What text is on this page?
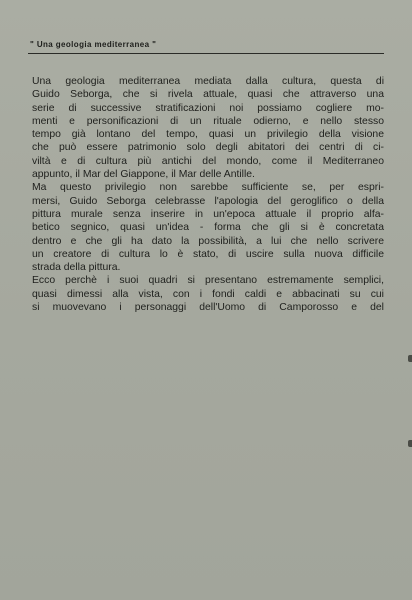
" Una geologia mediterranea "
Una geologia mediterranea mediata dalla cultura, questa di
Guido Seborga, che si rivela attuale, quasi che attraverso una
serie di successive stratificazioni noi possiamo cogliere mo-
menti e personificazioni di un rituale odierno, e nello stesso
tempo già lontano del tempo, quasi un privilegio della visione
che può essere patrimonio solo degli abitatori dei centri di ci-
viltà e di cultura più antichi del mondo, come il Mediterraneo
appunto, il Mar del Giappone, il Mar delle Antille.
Ma questo privilegio non sarebbe sufficiente se, per espri-
mersi, Guido Seborga celebrasse l'apologia del geroglifico o della
pittura murale senza inserire in un'epoca attuale il proprio alfa-
betico segnico, quasi un'idea - forma che gli si è concretata
dentro e che gli ha dato la possibilità, a lui che nello scrivere
un creatore di cultura lo è stato, di uscire sulla nuova difficile
strada della pittura.
Ecco perchè i suoi quadri si presentano estremamente semplici,
quasi dimessi alla vista, con i fondi caldi e abbacinati su cui
si muovevano i personaggi dell'Uomo di Camporosso e del
